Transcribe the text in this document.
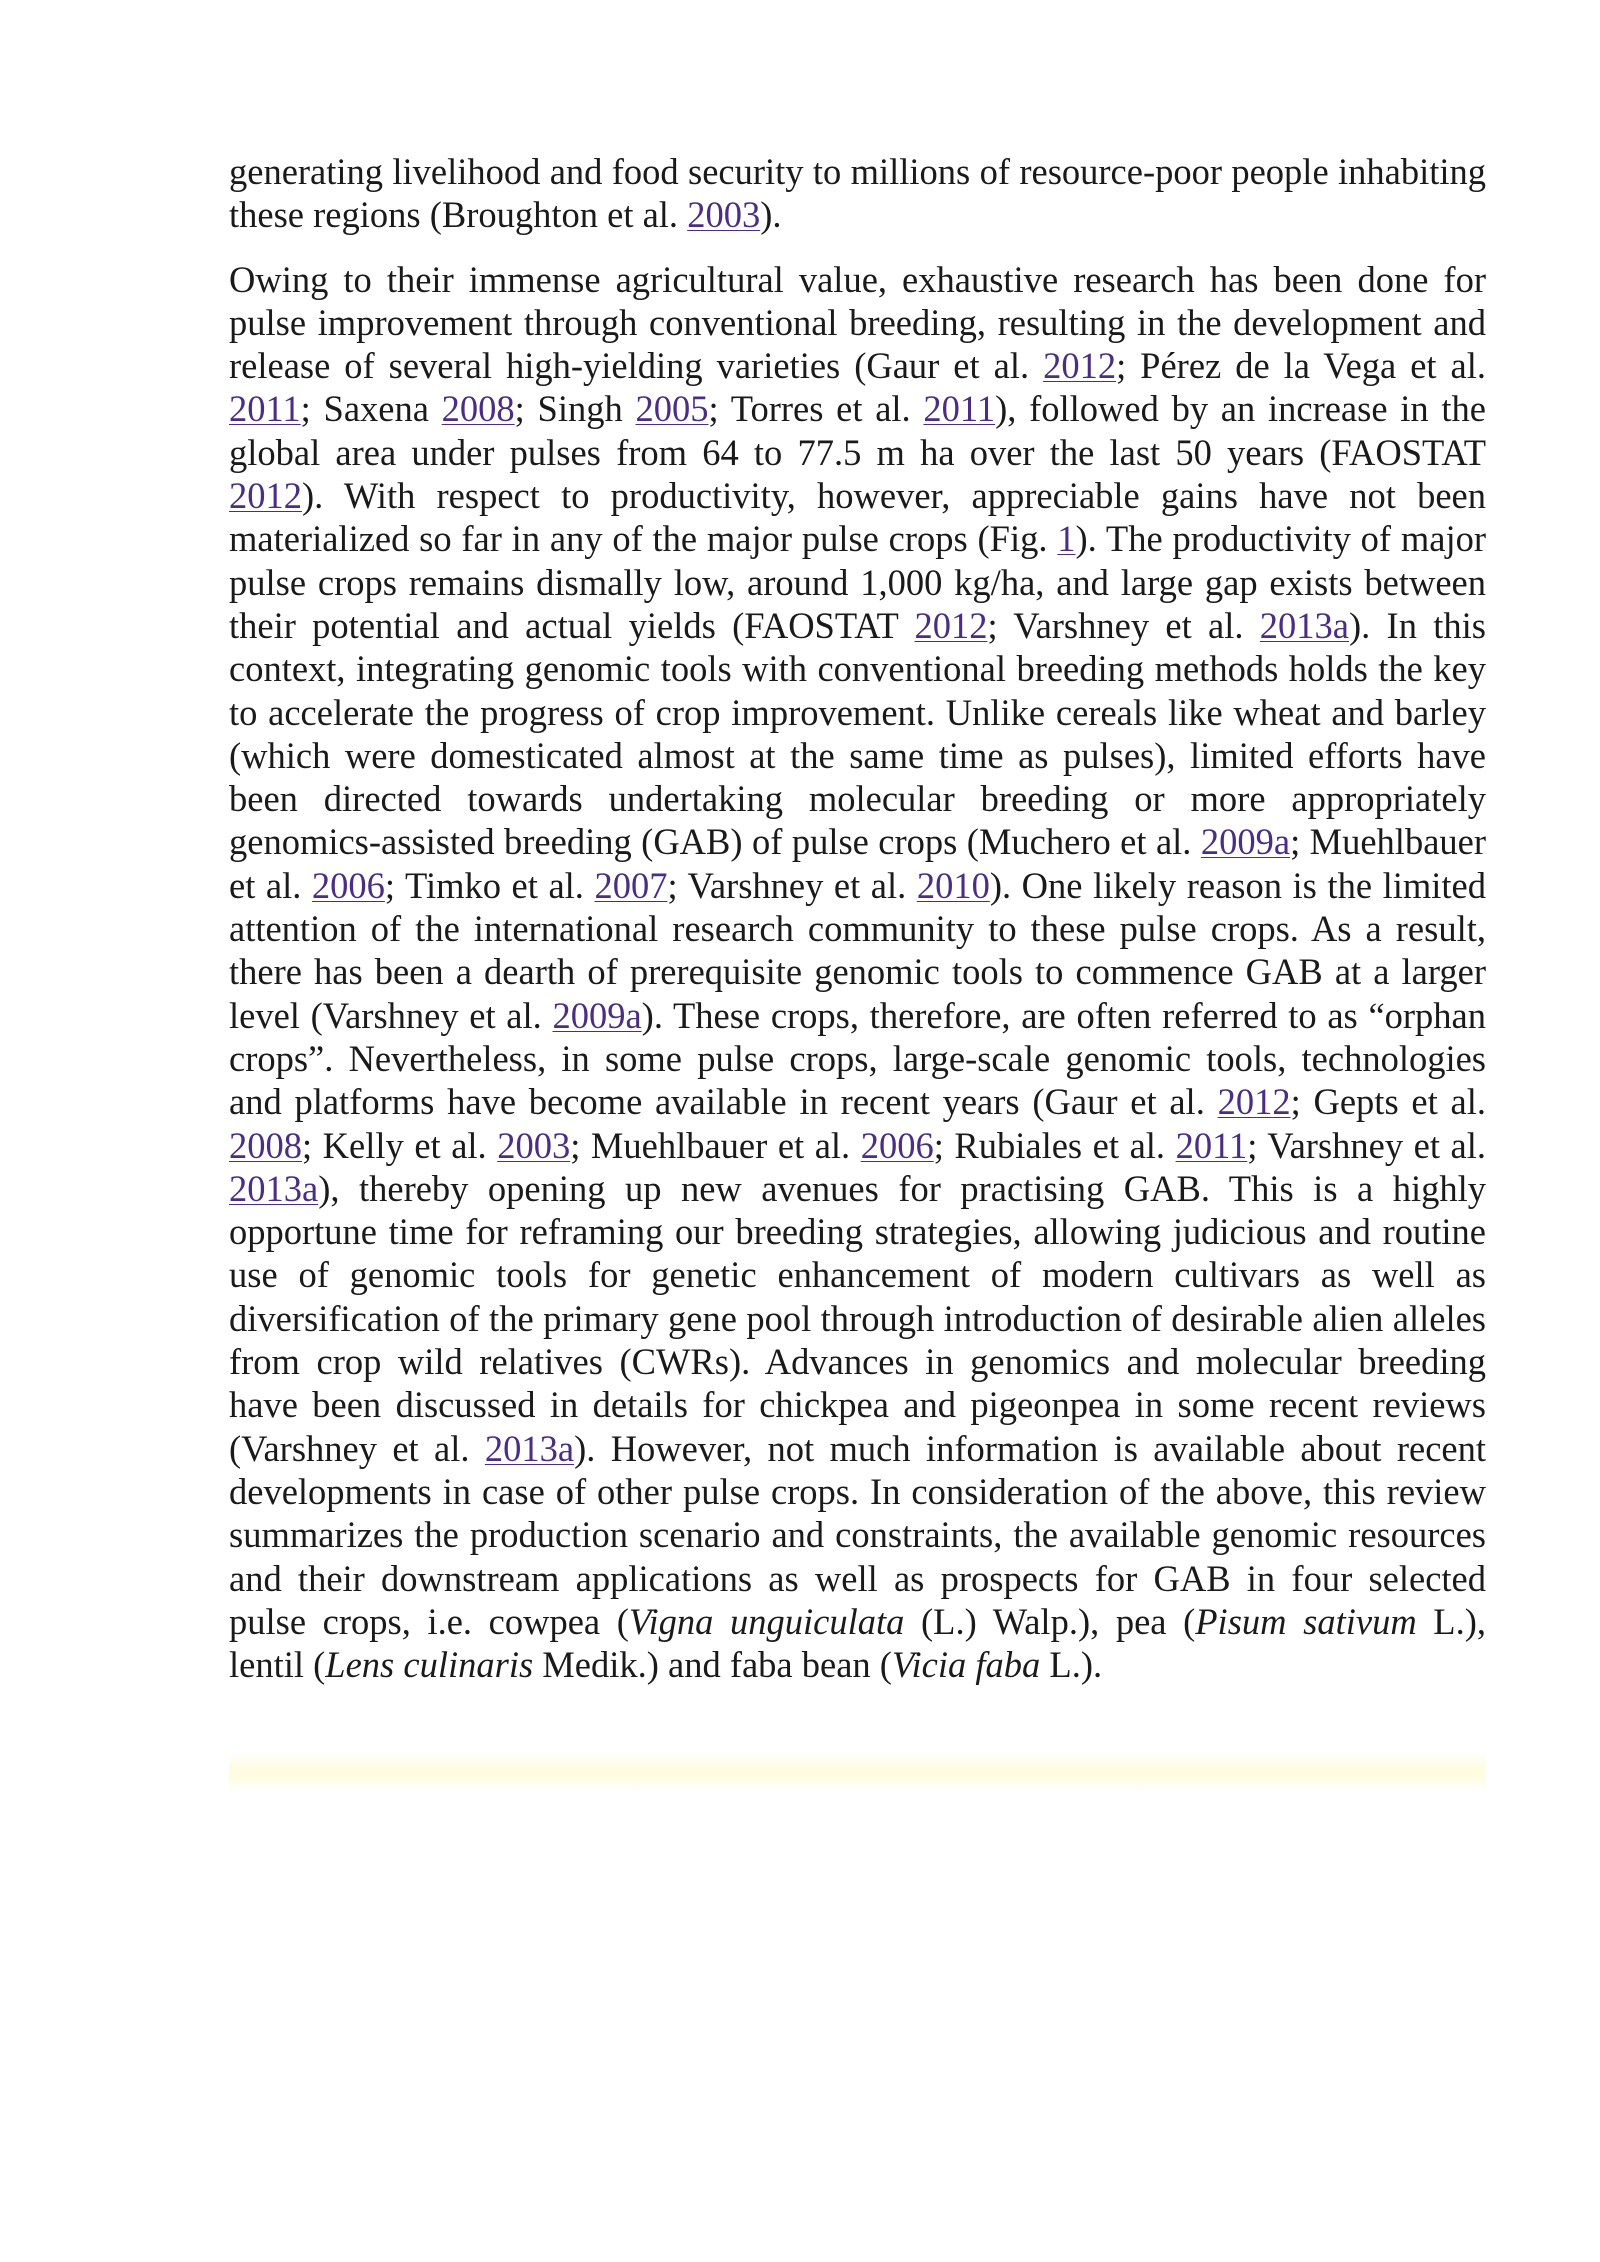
generating livelihood and food security to millions of resource-poor people inhabiting these regions (Broughton et al. 2003).

Owing to their immense agricultural value, exhaustive research has been done for pulse improvement through conventional breeding, resulting in the development and release of several high-yielding varieties (Gaur et al. 2012; Pérez de la Vega et al. 2011; Saxena 2008; Singh 2005; Torres et al. 2011), followed by an increase in the global area under pulses from 64 to 77.5 m ha over the last 50 years (FAOSTAT 2012). With respect to productivity, however, appreciable gains have not been materialized so far in any of the major pulse crops (Fig. 1). The productivity of major pulse crops remains dismally low, around 1,000 kg/ha, and large gap exists between their potential and actual yields (FAOSTAT 2012; Varshney et al. 2013a). In this context, integrating genomic tools with conventional breeding methods holds the key to accelerate the progress of crop improvement. Unlike cereals like wheat and barley (which were domesticated almost at the same time as pulses), limited efforts have been directed towards undertaking molecular breeding or more appropriately genomics-assisted breeding (GAB) of pulse crops (Muchero et al. 2009a; Muehlbauer et al. 2006; Timko et al. 2007; Varshney et al. 2010). One likely reason is the limited attention of the international research community to these pulse crops. As a result, there has been a dearth of prerequisite genomic tools to commence GAB at a larger level (Varshney et al. 2009a). These crops, therefore, are often referred to as “orphan crops”. Nevertheless, in some pulse crops, large-scale genomic tools, technologies and platforms have become available in recent years (Gaur et al. 2012; Gepts et al. 2008; Kelly et al. 2003; Muehlbauer et al. 2006; Rubiales et al. 2011; Varshney et al. 2013a), thereby opening up new avenues for practising GAB. This is a highly opportune time for reframing our breeding strategies, allowing judicious and routine use of genomic tools for genetic enhancement of modern cultivars as well as diversification of the primary gene pool through introduction of desirable alien alleles from crop wild relatives (CWRs). Advances in genomics and molecular breeding have been discussed in details for chickpea and pigeonpea in some recent reviews (Varshney et al. 2013a). However, not much information is available about recent developments in case of other pulse crops. In consideration of the above, this review summarizes the production scenario and constraints, the available genomic resources and their downstream applications as well as prospects for GAB in four selected pulse crops, i.e. cowpea (Vigna unguiculata (L.) Walp.), pea (Pisum sativum L.), lentil (Lens culinaris Medik.) and faba bean (Vicia faba L.).
